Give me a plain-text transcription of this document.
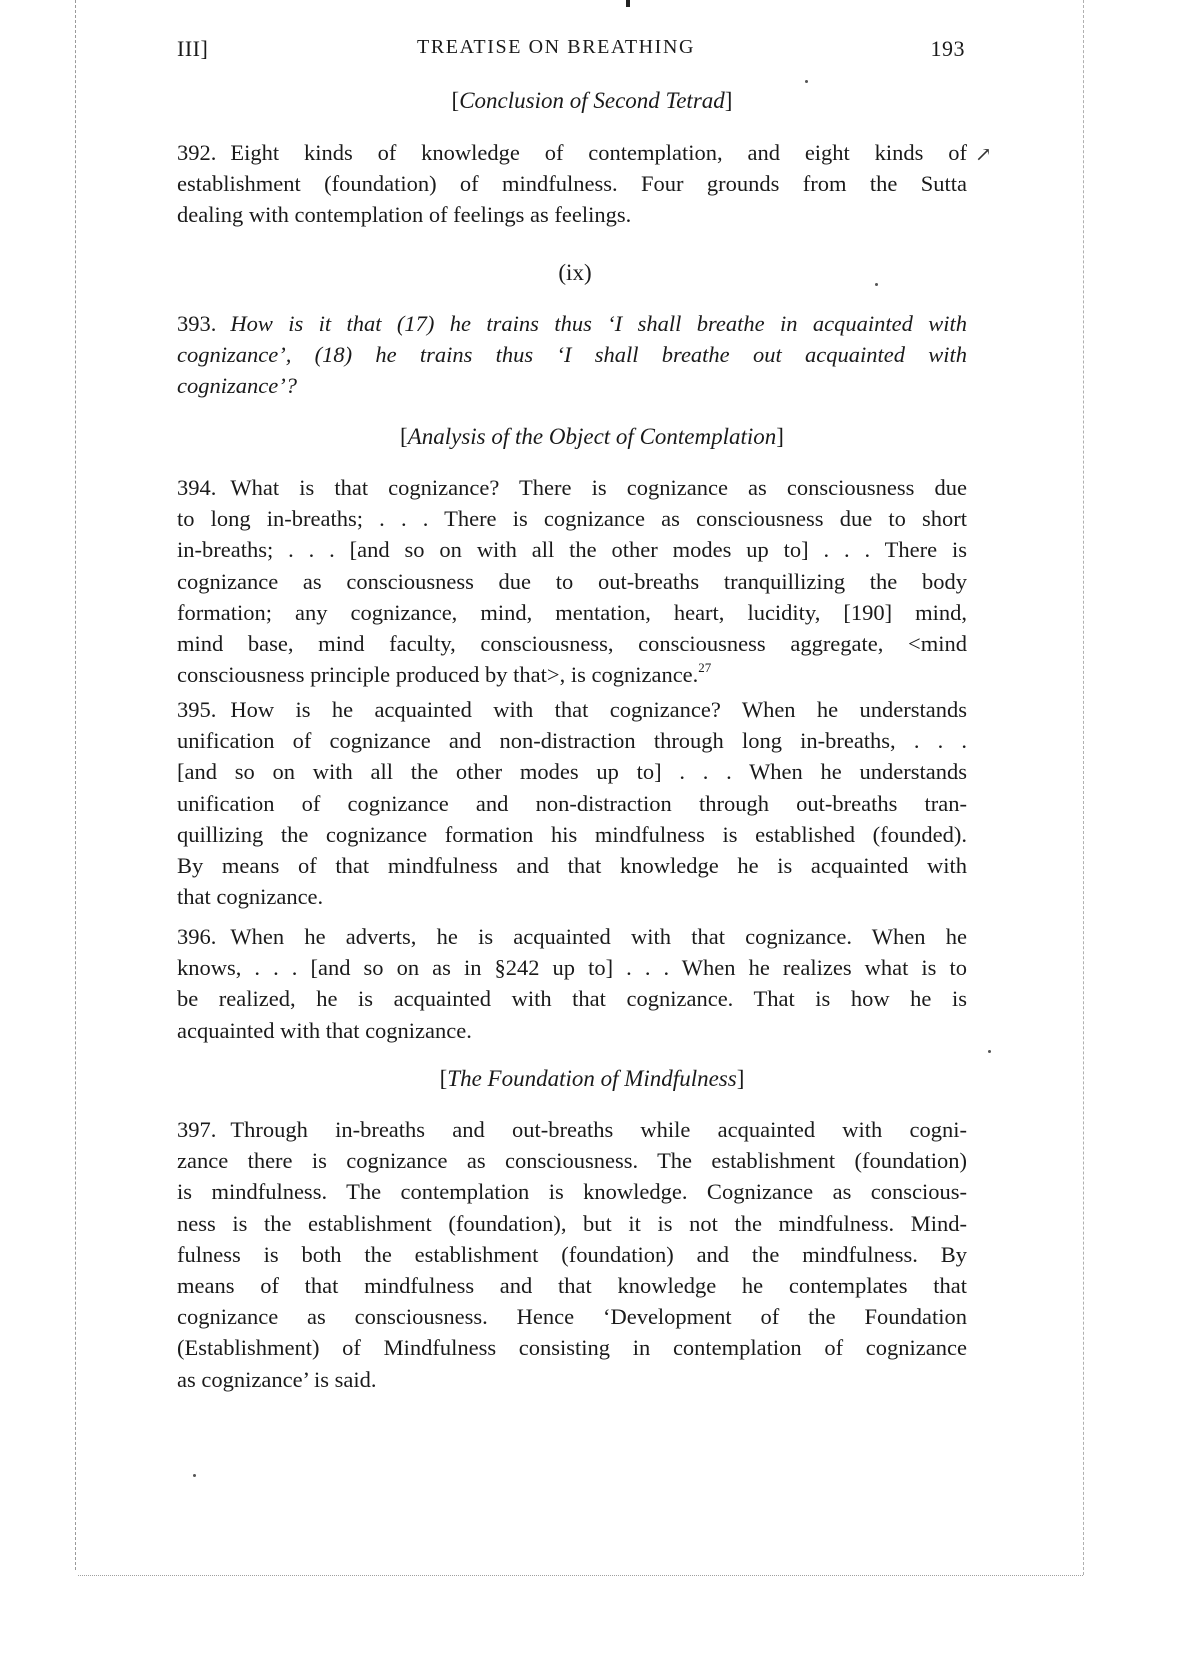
III]	TREATISE ON BREATHING	193
[Conclusion of Second Tetrad]
↗
392. Eight kinds of knowledge of contemplation, and eight kinds of
establishment (foundation) of mindfulness. Four grounds from the Sutta
dealing with contemplation of feelings as feelings.
(ix)
393. How is it that (17) he trains thus ‘I shall breathe in acquainted with
cognizance’, (18) he trains thus ‘I shall breathe out acquainted with
cognizance’?
[Analysis of the Object of Contemplation]
394. What is that cognizance? There is cognizance as consciousness due
to long in-breaths; . . . There is cognizance as consciousness due to short
in-breaths; . . . [and so on with all the other modes up to] . . . There is
cognizance as consciousness due to out-breaths tranquillizing the body
formation; any cognizance, mind, mentation, heart, lucidity, [190] mind,
mind base, mind faculty, consciousness, consciousness aggregate, <mind
consciousness principle produced by that>, is cognizance.$^{27}$
395. How is he acquainted with that cognizance? When he understands
unification of cognizance and non-distraction through long in-breaths, . . .
[and so on with all the other modes up to] . . . When he understands
unification of cognizance and non-distraction through out-breaths tran-
quillizing the cognizance formation his mindfulness is established (founded).
By means of that mindfulness and that knowledge he is acquainted with
that cognizance.
396. When he adverts, he is acquainted with that cognizance. When he
knows, . . . [and so on as in §242 up to] . . . When he realizes what is to
be realized, he is acquainted with that cognizance. That is how he is
acquainted with that cognizance.
[The Foundation of Mindfulness]
397. Through in-breaths and out-breaths while acquainted with cogni-
zance there is cognizance as consciousness. The establishment (foundation)
is mindfulness. The contemplation is knowledge. Cognizance as conscious-
ness is the establishment (foundation), but it is not the mindfulness. Mind-
fulness is both the establishment (foundation) and the mindfulness. By
means of that mindfulness and that knowledge he contemplates that
cognizance as consciousness. Hence ‘Development of the Foundation
(Establishment) of Mindfulness consisting in contemplation of cognizance
as cognizance’ is said.
